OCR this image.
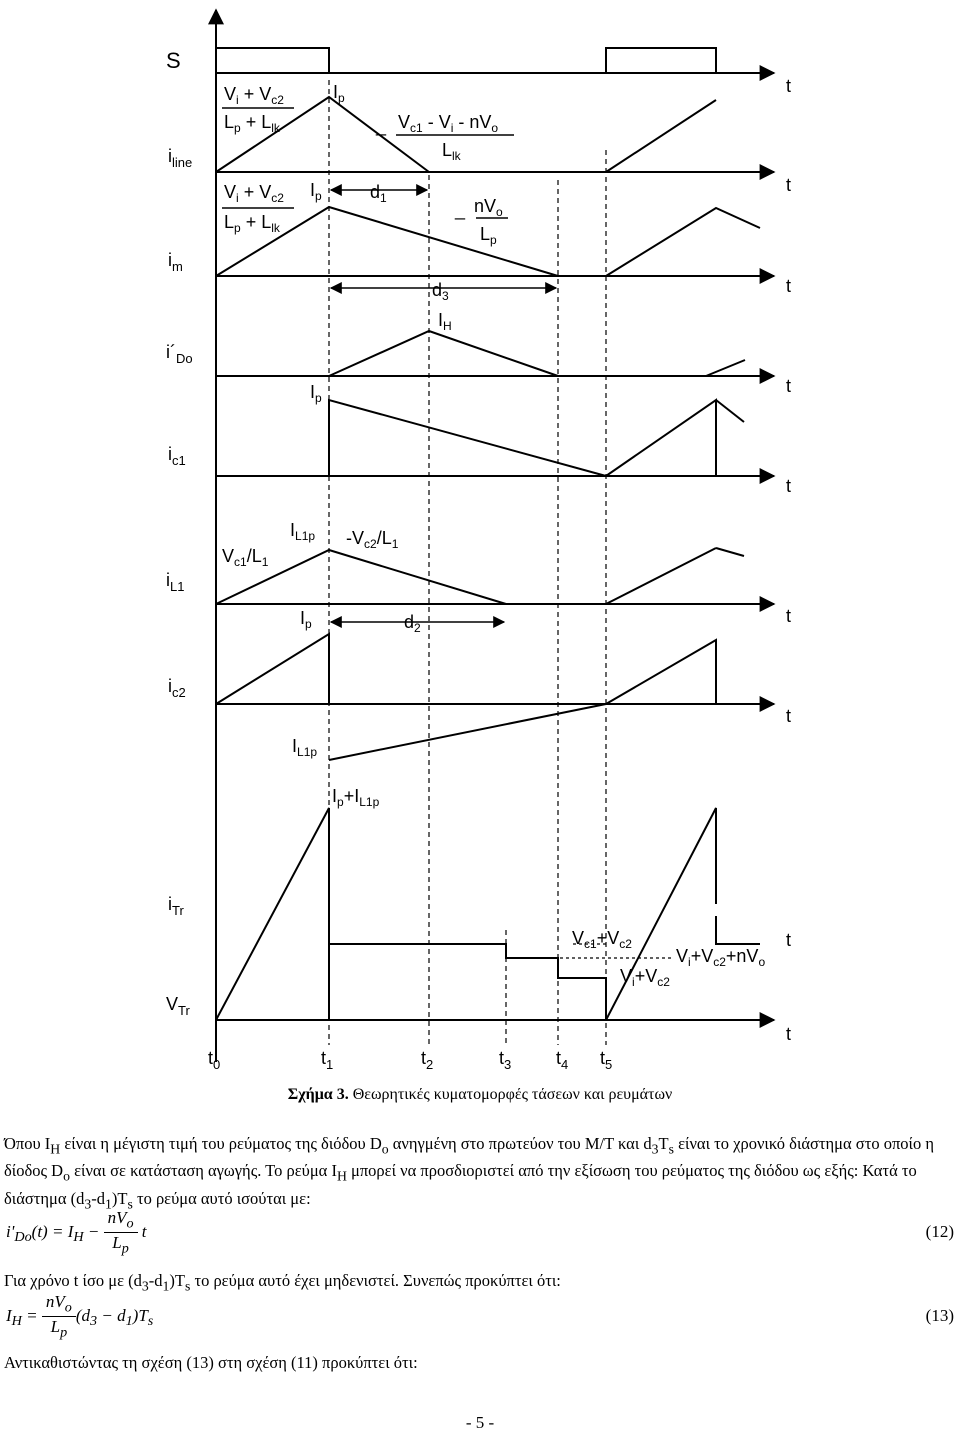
S
$i_{line}$
$i_m$
$i´_{Do}$
$i_{c1}$
$i_{L1}$
$i_{c2}$
$i_{Tr}$
$V_{Tr}$
t
t
t
t
t
t
t
t
t
$t_0$	$t_1$	$t_2$	$t_3$ $t_4$ $t_5$
$V_i + V_{c2}$
$L_p + L_{lk}$
$I_p$
_ $V_{c1} - V_i - nV_o$
$L_{lk}$
$V_i + V_{c2}$
$L_p + L_{lk}$
$I_p$	$d_1$
_ $nV_o$
$L_p$
$d_3$
$I_H$
$I_p$
$I_{L1p}$
$V_{c1}/L_1$
$-V_{c2}/L_1$
$I_p$	$d_2$
$I_{L1p}$
$I_p+I_{L1p}$
$V_{c1}+V_{c2}$
$V_i+V_{c2}+nV_o$
$V_i+V_{c2}$
Σχήμα 3. Θεωρητικές κυματομορφές τάσεων και ρευμάτων
Όπου $I_H$ είναι η μέγιστη τιμή του ρεύματος της διόδου $D_o$ ανηγμένη στο πρωτεύον του Μ/Τ και $d_3T_s$ είναι το χρονικό διάστημα στο οποίο η δίοδος $D_o$ είναι σε κατάσταση αγωγής. Το ρεύμα $I_H$ μπορεί να προσδιοριστεί από την εξίσωση του ρεύματος της διόδου ως εξής: Κατά το διάστημα $(d_3-d_1)T_s$ το ρεύμα αυτό ισούται με:
$i'_{Do}(t) = I_H - \frac{nV_o}{L_p}$ t	(12)
Για χρόνο t ίσο με $(d_3-d_1)T_s$ το ρεύμα αυτό έχει μηδενιστεί. Συνεπώς προκύπτει ότι:
$I_H = \frac{nV_o}{L_p} (d_3 - d_1)T_s$	(13)
Αντικαθιστώντας τη σχέση (13) στη σχέση (11) προκύπτει ότι:
- 5 -
